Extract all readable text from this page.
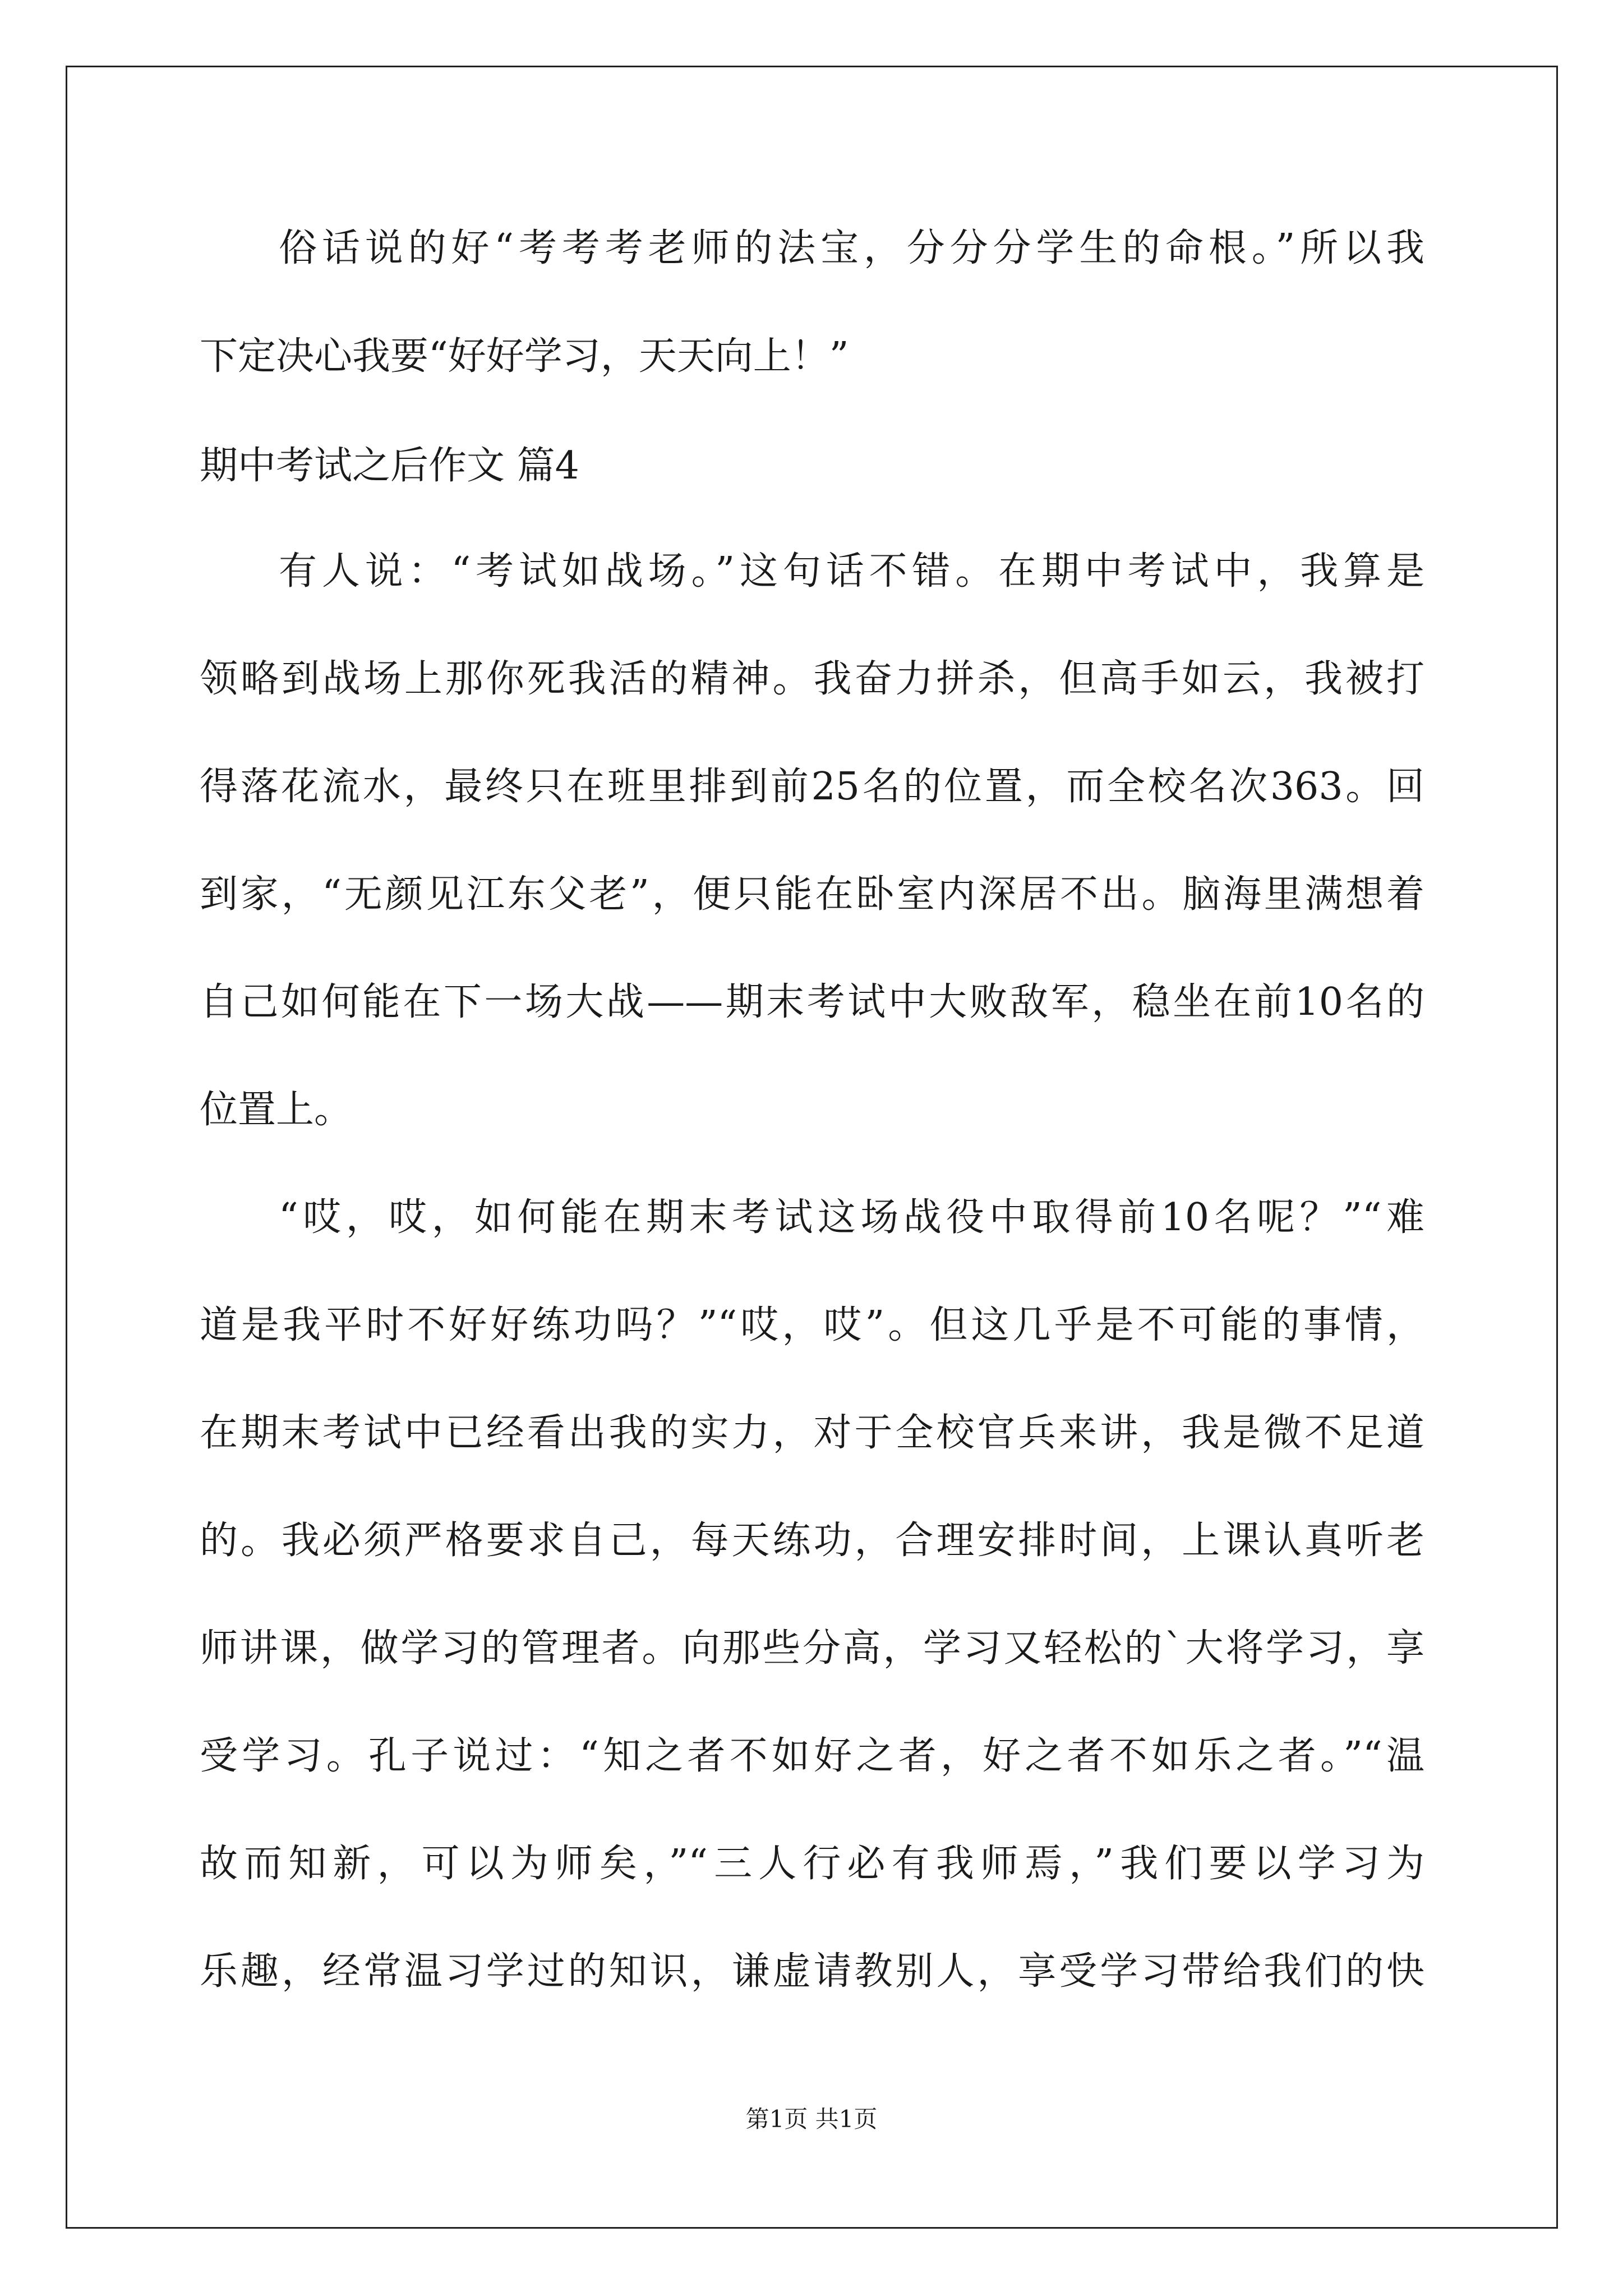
俗话说的好“考考考老师的法宝，分分分学生的命根。”所以我
下定决心我要“好好学习，天天向上！”
期中考试之后作文 篇4
有人说：“考试如战场。”这句话不错。在期中考试中，我算是
领略到战场上那你死我活的精神。我奋力拼杀，但高手如云，我被打
得落花流水，最终只在班里排到前25名的位置，而全校名次363。回
到家，“无颜见江东父老”，便只能在卧室内深居不出。脑海里满想着
自己如何能在下一场大战——期末考试中大败敌军，稳坐在前10名的
位置上。
“哎，哎，如何能在期末考试这场战役中取得前10名呢？”“难
道是我平时不好好练功吗？”“哎，哎”。但这几乎是不可能的事情，
在期末考试中已经看出我的实力，对于全校官兵来讲，我是微不足道
的。我必须严格要求自己，每天练功，合理安排时间，上课认真听老
师讲课，做学习的管理者。向那些分高，学习又轻松的`大将学习，享
受学习。孔子说过：“知之者不如好之者，好之者不如乐之者。”“温
故而知新，可以为师矣，”“三人行必有我师焉，”我们要以学习为
乐趣，经常温习学过的知识，谦虚请教别人，享受学习带给我们的快
第1页 共1页
